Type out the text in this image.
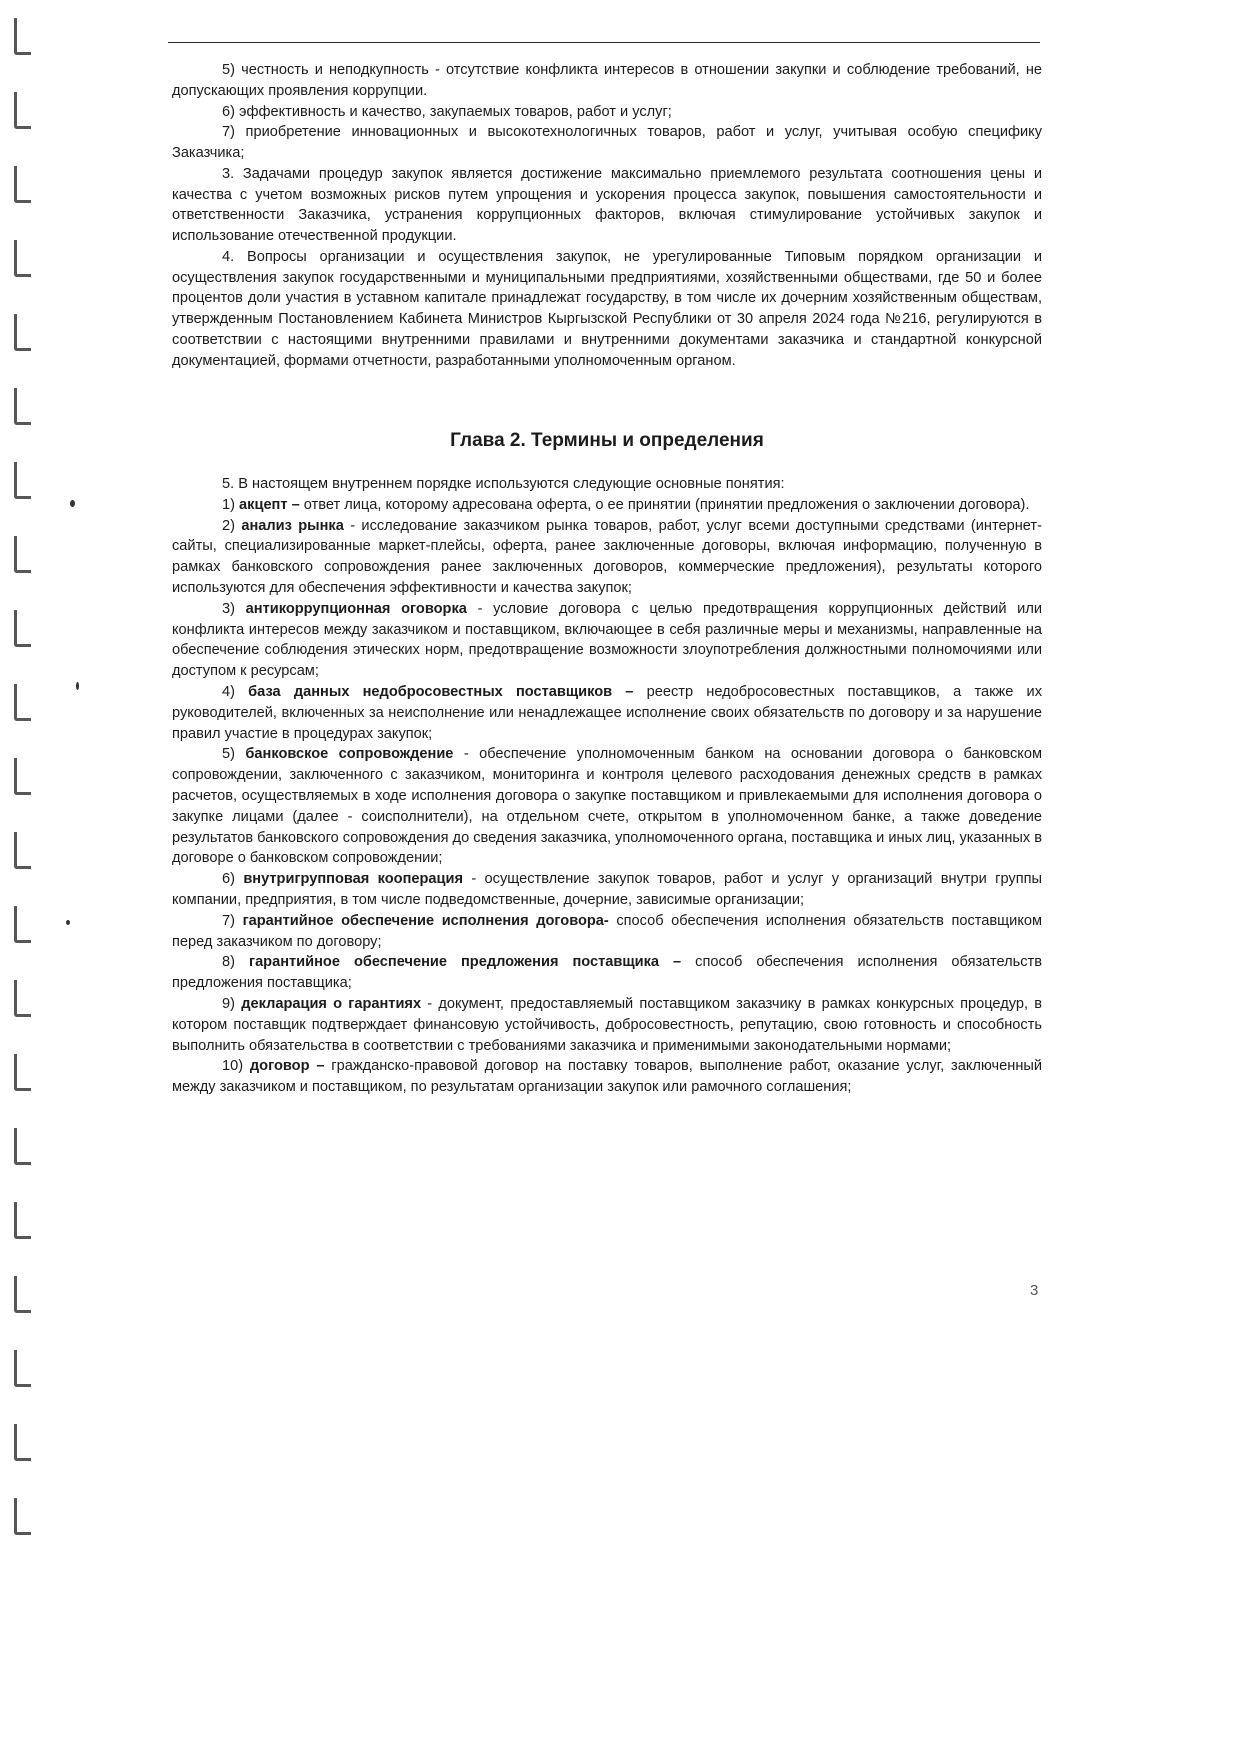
5) честность и неподкупность - отсутствие конфликта интересов в отношении закупки и соблюдение требований, не допускающих проявления коррупции.

6) эффективность и качество, закупаемых товаров, работ и услуг;

7) приобретение инновационных и высокотехнологичных товаров, работ и услуг, учитывая особую специфику Заказчика;

3. Задачами процедур закупок является достижение максимально приемлемого результата соотношения цены и качества с учетом возможных рисков путем упрощения и ускорения процесса закупок, повышения самостоятельности и ответственности Заказчика, устранения коррупционных факторов, включая стимулирование устойчивых закупок и использование отечественной продукции.

4. Вопросы организации и осуществления закупок, не урегулированные Типовым порядком организации и осуществления закупок государственными и муниципальными предприятиями, хозяйственными обществами, где 50 и более процентов доли участия в уставном капитале принадлежат государству, в том числе их дочерним хозяйственным обществам, утвержденным Постановлением Кабинета Министров Кыргызской Республики от 30 апреля 2024 года №216, регулируются в соответствии с настоящими внутренними правилами и внутренними документами заказчика и стандартной конкурсной документацией, формами отчетности, разработанными уполномоченным органом.

Глава 2. Термины и определения

5. В настоящем внутреннем порядке используются следующие основные понятия:

1) акцепт – ответ лица, которому адресована оферта, о ее принятии (принятии предложения о заключении договора).

2) анализ рынка - исследование заказчиком рынка товаров, работ, услуг всеми доступными средствами (интернет-сайты, специализированные маркет-плейсы, оферта, ранее заключенные договоры, включая информацию, полученную в рамках банковского сопровождения ранее заключенных договоров, коммерческие предложения), результаты которого используются для обеспечения эффективности и качества закупок;

3) антикоррупционная оговорка - условие договора с целью предотвращения коррупционных действий или конфликта интересов между заказчиком и поставщиком, включающее в себя различные меры и механизмы, направленные на обеспечение соблюдения этических норм, предотвращение возможности злоупотребления должностными полномочиями или доступом к ресурсам;

4) база данных недобросовестных поставщиков – реестр недобросовестных поставщиков, а также их руководителей, включенных за неисполнение или ненадлежащее исполнение своих обязательств по договору и за нарушение правил участие в процедурах закупок;

5) банковское сопровождение - обеспечение уполномоченным банком на основании договора о банковском сопровождении, заключенного с заказчиком, мониторинга и контроля целевого расходования денежных средств в рамках расчетов, осуществляемых в ходе исполнения договора о закупке поставщиком и привлекаемыми для исполнения договора о закупке лицами (далее - соисполнители), на отдельном счете, открытом в уполномоченном банке, а также доведение результатов банковского сопровождения до сведения заказчика, уполномоченного органа, поставщика и иных лиц, указанных в договоре о банковском сопровождении;

6) внутригрупповая кооперация - осуществление закупок товаров, работ и услуг у организаций внутри группы компании, предприятия, в том числе подведомственные, дочерние, зависимые организации;

7) гарантийное обеспечение исполнения договора- способ обеспечения исполнения обязательств поставщиком перед заказчиком по договору;

8) гарантийное обеспечение предложения поставщика – способ обеспечения исполнения обязательств предложения поставщика;

9) декларация о гарантиях - документ, предоставляемый поставщиком заказчику в рамках конкурсных процедур, в котором поставщик подтверждает финансовую устойчивость, добросовестность, репутацию, свою готовность и способность выполнить обязательства в соответствии с требованиями заказчика и применимыми законодательными нормами;

10) договор – гражданско-правовой договор на поставку товаров, выполнение работ, оказание услуг, заключенный между заказчиком и поставщиком, по результатам организации закупок или рамочного соглашения;

3
